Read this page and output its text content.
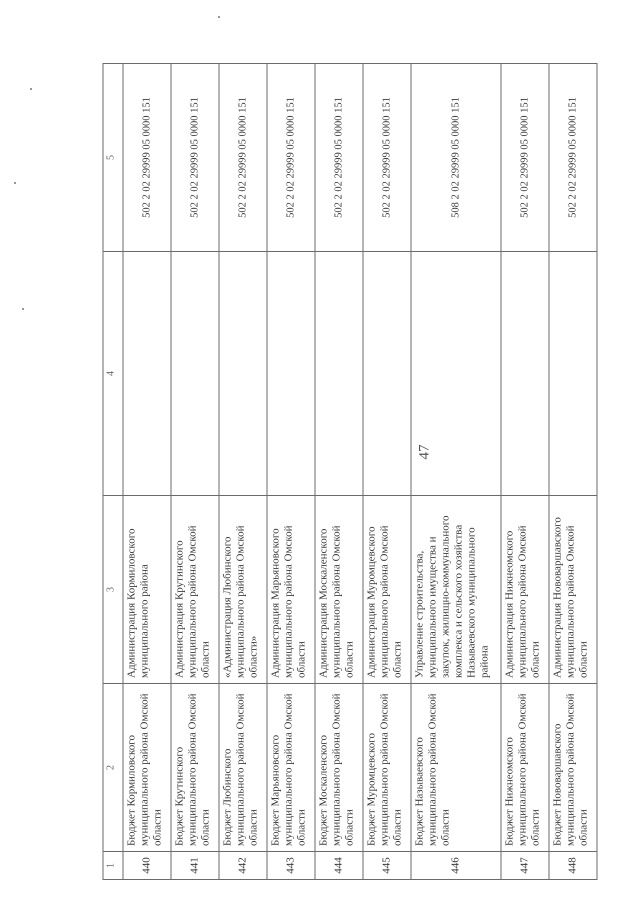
47
1	2	3	4	5
440	Бюджет Кормиловского муниципального района Омской области	Администрация Кормиловского муниципального района		502 2 02 29999 05 0000 151
441	Бюджет Крутинского муниципального района Омской области	Администрация Крутинского муниципального района Омской области		502 2 02 29999 05 0000 151
442	Бюджет Любинского муниципального района Омской области	«Администрация Любинского муниципального района Омской области»		502 2 02 29999 05 0000 151
443	Бюджет Марьяновского муниципального района Омской области	Администрация Марьяновского муниципального района Омской области		502 2 02 29999 05 0000 151
444	Бюджет Москаленского муниципального района Омской области	Администрация Москаленского муниципального района Омской области		502 2 02 29999 05 0000 151
445	Бюджет Муромцевского муниципального района Омской области	Администрация Муромцевского муниципального района Омской области		502 2 02 29999 05 0000 151
446	Бюджет Называевского муниципального района Омской области	Управление строительства, муниципального имущества и закупок, жилищно-коммунального комплекса и сельского хозяйства Называевского муниципального района		508 2 02 29999 05 0000 151
447	Бюджет Нижнеомского муниципального района Омской области	Администрация Нижнеомского муниципального района Омской области		502 2 02 29999 05 0000 151
448	Бюджет Нововаршавского муниципального района Омской области	Администрация Нововаршавского муниципального района Омской области		502 2 02 29999 05 0000 151
